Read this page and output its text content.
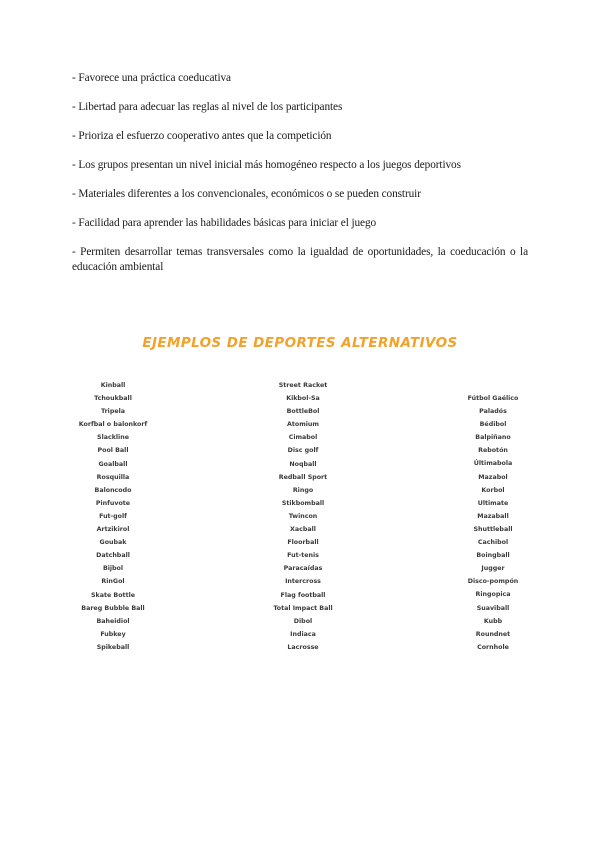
- Favorece una práctica coeducativa
- Libertad para adecuar las reglas al nivel de los participantes
- Prioriza el esfuerzo cooperativo antes que la competición
- Los grupos presentan un nivel inicial más homogéneo respecto a los juegos deportivos
- Materiales diferentes a los convencionales, económicos o se pueden construir
- Facilidad para aprender las habilidades básicas para iniciar el juego
- Permiten desarrollar temas transversales como la igualdad de oportunidades, la coeducación o la educación ambiental
EJEMPLOS DE DEPORTES ALTERNATIVOS
Kinball
Tchoukball
Tripela
Korfbal o balonkorf
Slackline
Pool Ball
Goalball
Rosquilla
Baloncodo
Pinfuvote
Fut-golf
Artzikirol
Goubak
Datchball
Bijbol
RinGol
Skate Bottle
Bareg Bubble Ball
Baheidiol
Fubkey
Spikeball
Street Racket
Kikbol-Sa
BottleBol
Atomium
Cimabol
Disc golf
Noqball
Redball Sport
Ringo
Stikbomball
Twincon
Xacball
Floorball
Fut-tenis
Paracaídas
Intercross
Flag football
Total Impact Ball
Dibol
Indiaca
Lacrosse
Fútbol Gaélico
Paladós
Bédibol
Balpiñano
Rebotón
Últimabola
Mazabol
Korbol
Ultimate
Mazaball
Shuttleball
Cachibol
Boingball
Jugger
Disco-pompón
Ringopica
Suaviball
Kubb
Roundnet
Cornhole
